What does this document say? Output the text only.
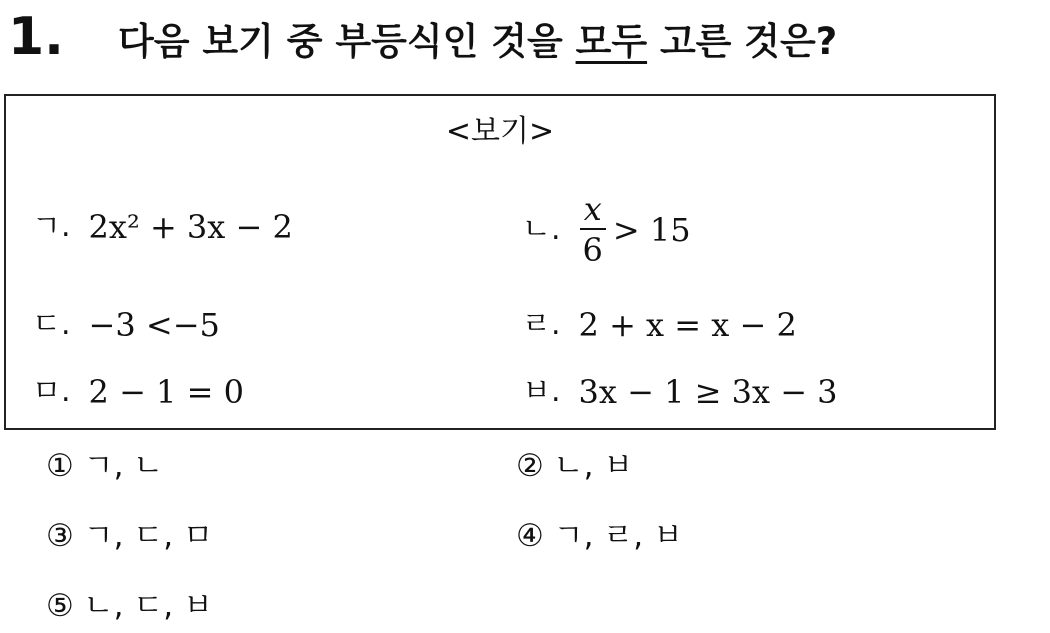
1. 다음 보기 중 부등식인 것을 모두 고른 것은?
<보기>
ㄱ. 2x² + 3x − 2	ㄴ. $\frac{x}{6} > 15$
ㄷ. −3 <−5	ㄹ. 2 + x = x − 2
ㅁ. 2 − 1 = 0	ㅂ. 3x − 1 ≥ 3x − 3
① ㄱ, ㄴ	② ㄴ, ㅂ
③ ㄱ, ㄷ, ㅁ	④ ㄱ, ㄹ, ㅂ
⑤ ㄴ, ㄷ, ㅂ
